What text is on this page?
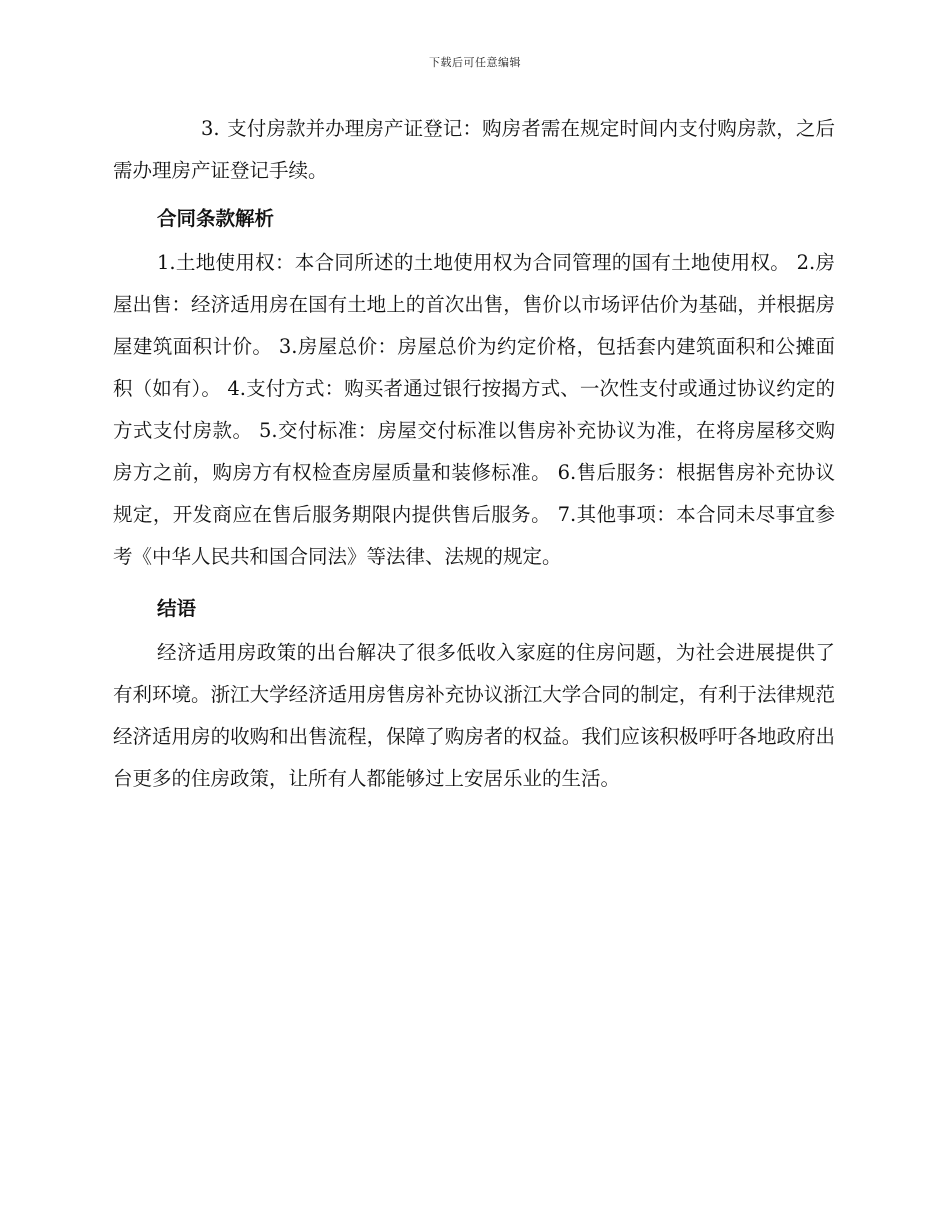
下载后可任意编辑

3. 支付房款并办理房产证登记：购房者需在规定时间内支付购房款，之后需办理房产证登记手续。

合同条款解析

1.土地使用权：本合同所述的土地使用权为合同管理的国有土地使用权。 2.房屋出售：经济适用房在国有土地上的首次出售，售价以市场评估价为基础，并根据房屋建筑面积计价。 3.房屋总价：房屋总价为约定价格，包括套内建筑面积和公摊面积（如有）。 4.支付方式：购买者通过银行按揭方式、一次性支付或通过协议约定的方式支付房款。 5.交付标准：房屋交付标准以售房补充协议为准，在将房屋移交购房方之前，购房方有权检查房屋质量和装修标准。 6.售后服务：根据售房补充协议规定，开发商应在售后服务期限内提供售后服务。 7.其他事项：本合同未尽事宜参考《中华人民共和国合同法》等法律、法规的规定。

结语

经济适用房政策的出台解决了很多低收入家庭的住房问题，为社会进展提供了有利环境。浙江大学经济适用房售房补充协议浙江大学合同的制定，有利于法律规范经济适用房的收购和出售流程，保障了购房者的权益。我们应该积极呼吁各地政府出台更多的住房政策，让所有人都能够过上安居乐业的生活。
